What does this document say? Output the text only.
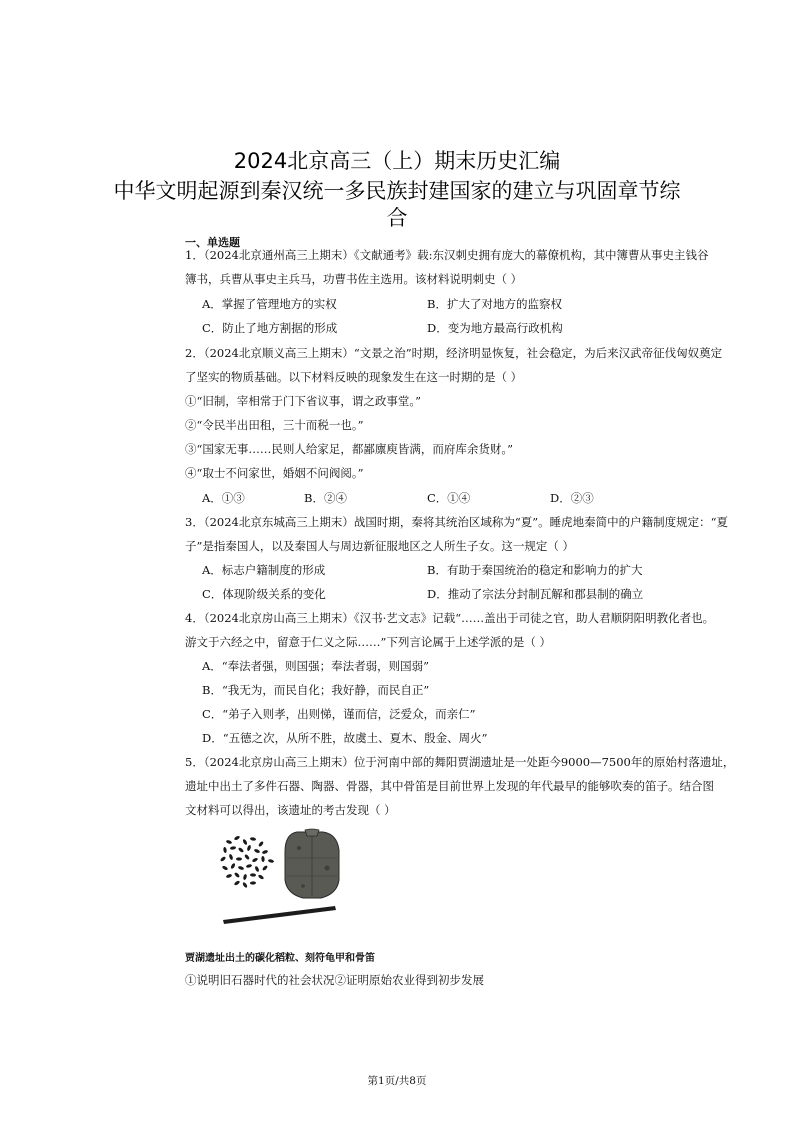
2024北京高三（上）期末历史汇编
中华文明起源到秦汉统一多民族封建国家的建立与巩固章节综
合
一、单选题
1．（2024北京通州高三上期末）《文献通考》载:东汉刺史拥有庞大的幕僚机构，其中簿曹从事史主钱谷
簿书，兵曹从事史主兵马，功曹书佐主选用。该材料说明刺史（ ）
A．掌握了管理地方的实权	B．扩大了对地方的监察权
C．防止了地方割据的形成	D．变为地方最高行政机构
2．（2024北京顺义高三上期末）“文景之治”时期，经济明显恢复，社会稳定，为后来汉武帝征伐匈奴奠定
了坚实的物质基础。以下材料反映的现象发生在这一时期的是（ ）
①“旧制，宰相常于门下省议事，谓之政事堂。”
②“令民半出田租，三十而税一也。”
③“国家无事……民则人给家足，都鄙廪庾皆满，而府库余货财。”
④“取士不问家世，婚姻不问阀阅。”
A．①③	B．②④	C．①④	D．②③
3．（2024北京东城高三上期末）战国时期，秦将其统治区域称为“夏”。睡虎地秦简中的户籍制度规定：“夏
子”是指秦国人，以及秦国人与周边新征服地区之人所生子女。这一规定（ ）
A．标志户籍制度的形成	B．有助于秦国统治的稳定和影响力的扩大
C．体现阶级关系的变化	D．推动了宗法分封制瓦解和郡县制的确立
4．（2024北京房山高三上期末）《汉书·艺文志》记载“……盖出于司徒之官，助人君顺阴阳明教化者也。
游文于六经之中，留意于仁义之际……”下列言论属于上述学派的是（ ）
A．“奉法者强，则国强；奉法者弱，则国弱”
B．“我无为，而民自化；我好静，而民自正”
C．“弟子入则孝，出则悌，谨而信，泛爱众，而亲仁”
D．“五德之次，从所不胜，故虞土、夏木、殷金、周火”
5．（2024北京房山高三上期末）位于河南中部的舞阳贾湖遗址是一处距今9000—7500年的原始村落遗址，
遗址中出土了多件石器、陶器、骨器，其中骨笛是目前世界上发现的年代最早的能够吹奏的笛子。结合图
文材料可以得出，该遗址的考古发现（ ）
贾湖遗址出土的碳化稻粒、刻符龟甲和骨笛
①说明旧石器时代的社会状况②证明原始农业得到初步发展
第1页/共8页
